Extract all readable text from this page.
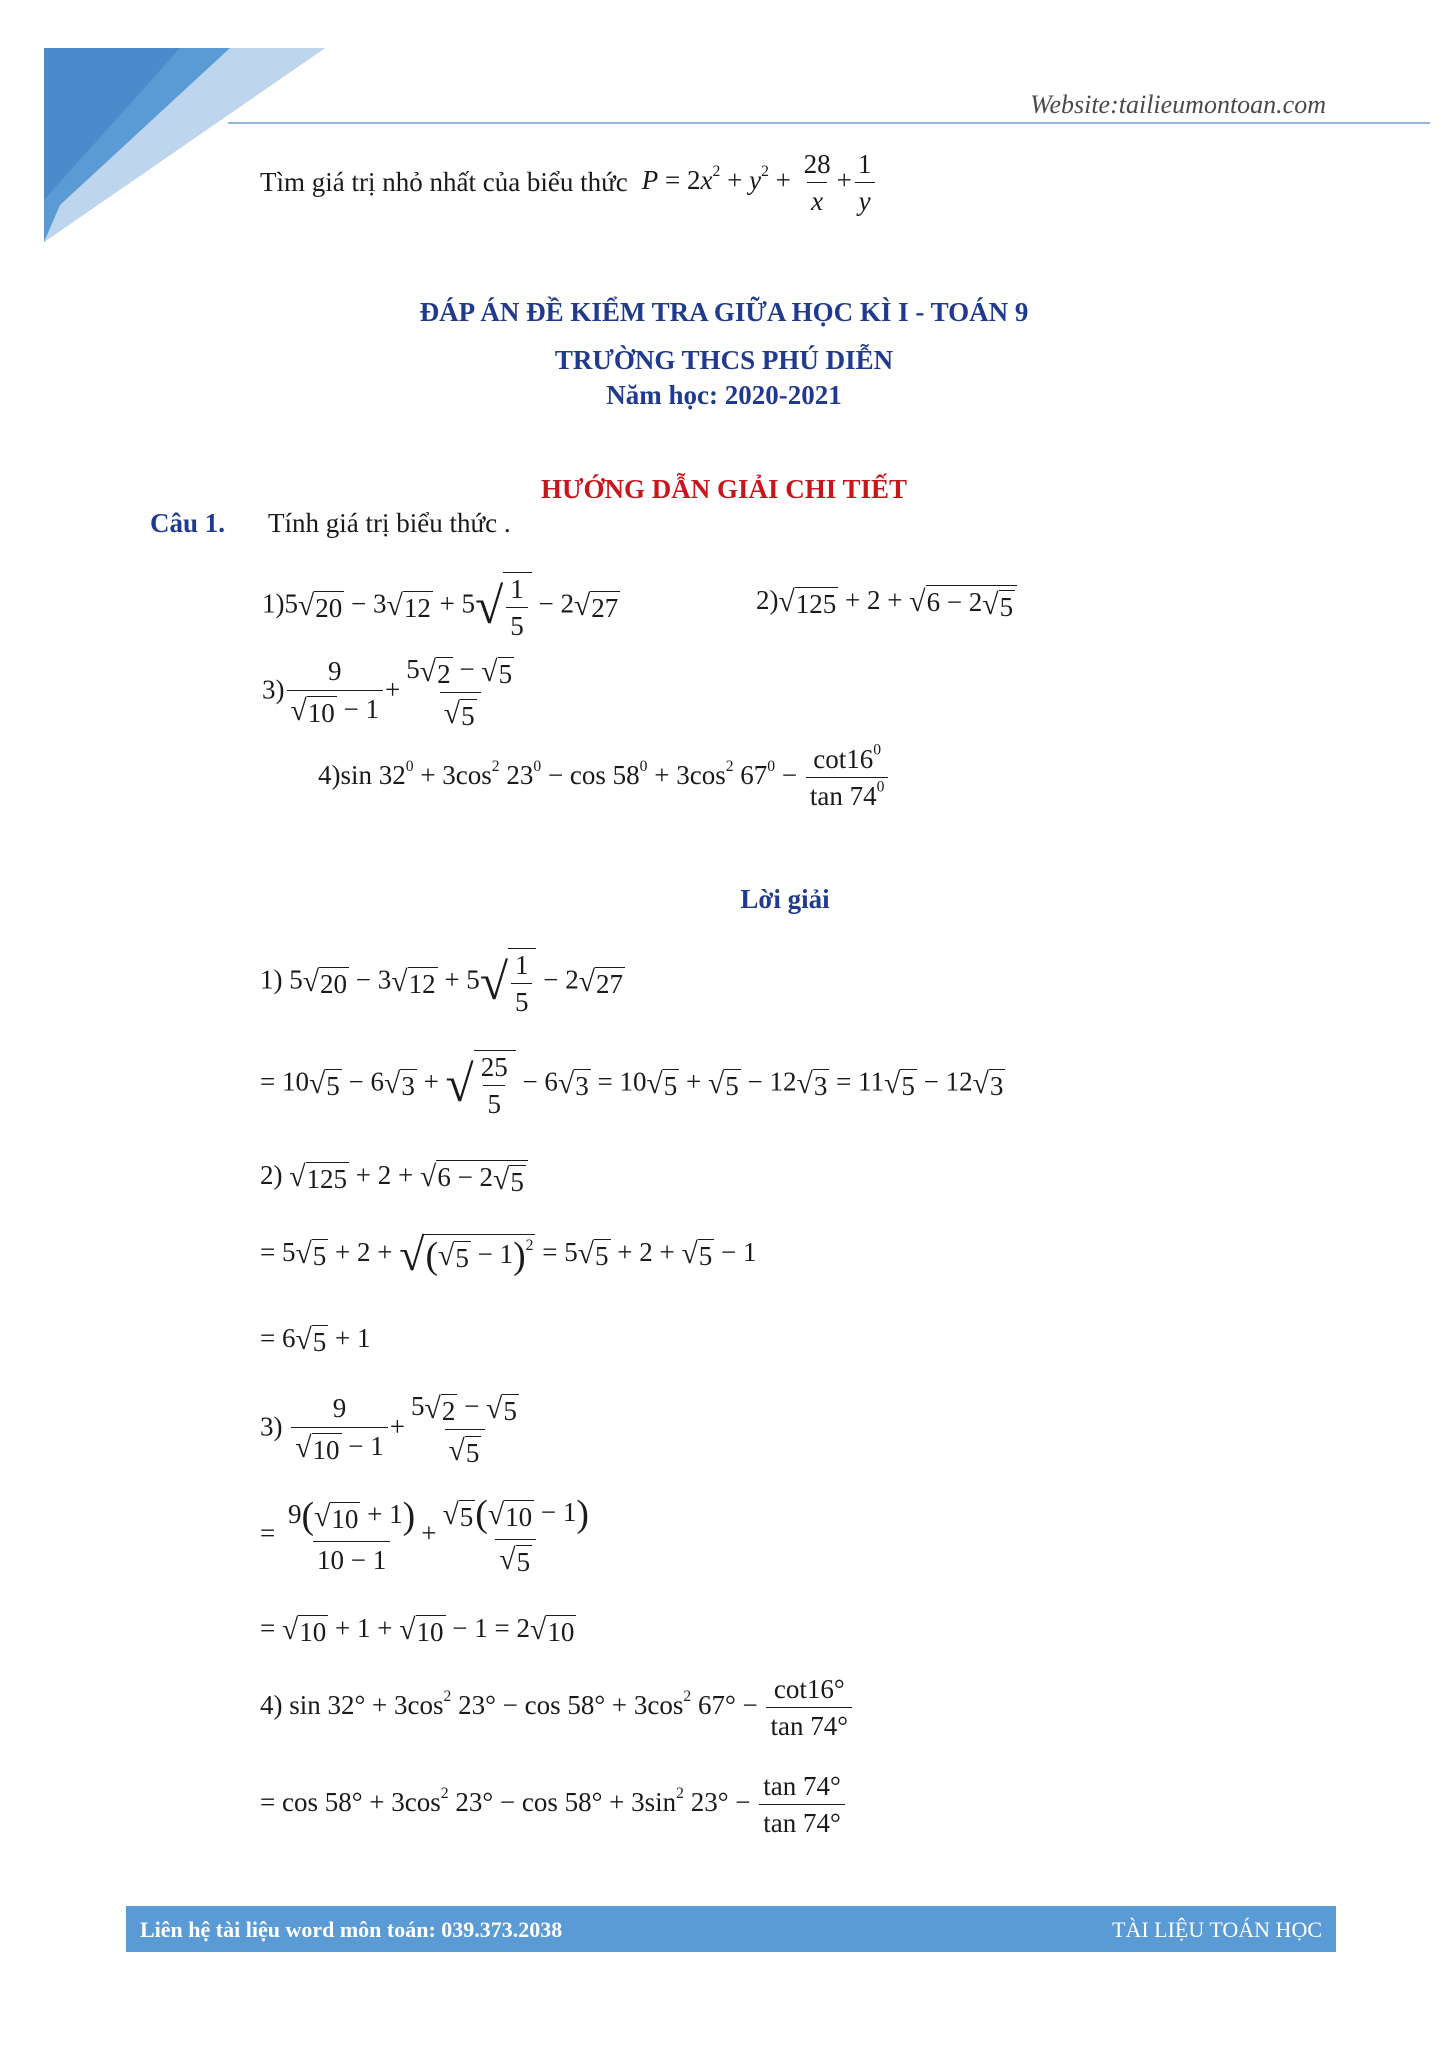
Website:tailieumontoan.com
Tìm giá trị nhỏ nhất của biểu thức $P = 2x^2 + y^2 + \frac{28}{x} + \frac{1}{y}$
ĐÁP ÁN ĐỀ KIỂM TRA GIỮA HỌC KÌ I - TOÁN 9
TRƯỜNG THCS PHÚ DIỄN
Năm học: 2020-2021
HƯỚNG DẪN GIẢI CHI TIẾT
Câu 1. Tính giá trị biểu thức .
$1)5√20 - 3√12 + 5√ \frac{1}{5} - 2√27$	2)√125 + 2 + √6 − 2√5
$3) \frac{9}{√10 - 1} + \frac{5√2 - √5}{√5}$
4)sin $32^0 + 3\cos^2$ $23^0 - \cos 58^0 + 3\cos^2$ $67^0 - \frac{\cot 16^0}{\tan 74^0}$
Lời giải
1) $5√20 - 3√12 + 5√ \frac{1}{5} - 2√27$
= 10√5 − 6√3 + √ $\frac{25}{5} - 6√3 = 10√5 + √5 - 12√3 = 11√5 - 12√3$
2) √125 + 2 + √6 − 2√5
= $5√5 + 2 + √(√5 - 1)^2 = 5√5 + 2 + √5 - 1$
= 6√5 + 1
$3) \frac{9}{√10 - 1} + \frac{5√2 - √5}{√5}$
= $\frac{9(√10 + 1)}{10 - 1} + \frac{√5(√10 - 1)}{√5}$
= √10 + 1 + √10 − 1 = 2√10
4) $\sin 32^\circ + 3\cos^2$ $23^\circ - \cos 58^\circ + 3\cos^2$ $67^\circ - \frac{\cot 16^\circ}{\tan 74^\circ}$
= $\cos 58^\circ + 3\cos^2$ $23^\circ - \cos 58^\circ + 3\sin^2$ $23^\circ - \frac{\tan 74^\circ}{\tan 74^\circ}$
Liên hệ tài liệu word môn toán: 039.373.2038	TÀI LIỆU TOÁN HỌC
